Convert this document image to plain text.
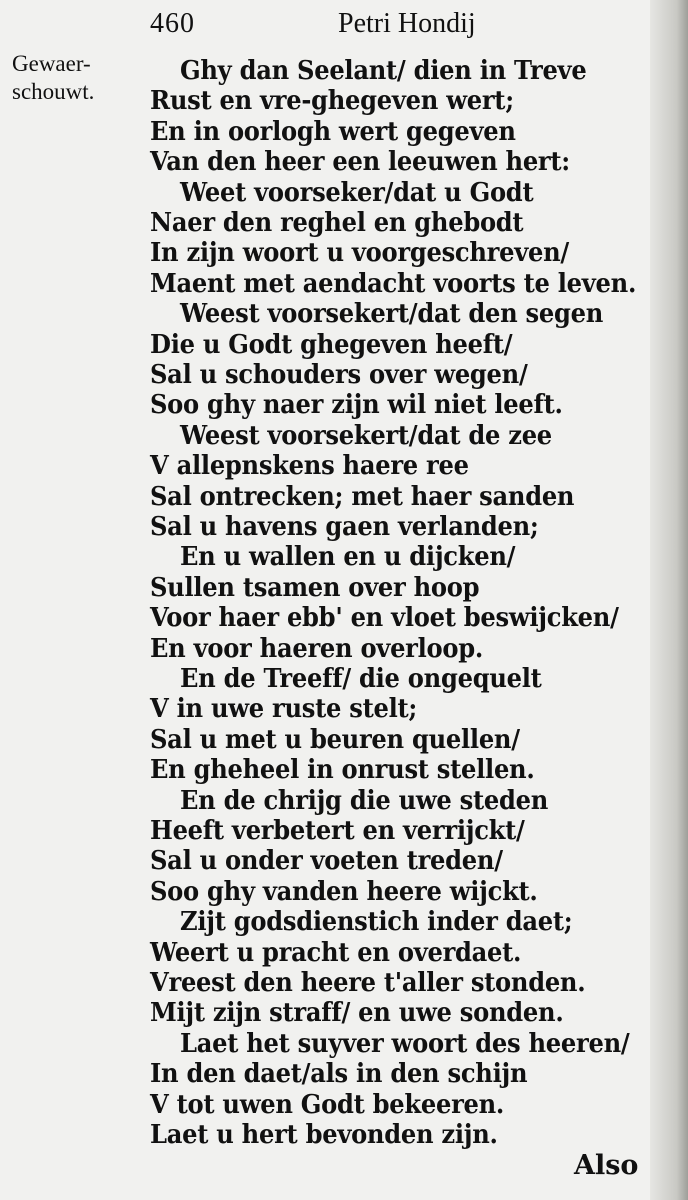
460	Petri Hondij
Gewaer-
schouwt.
Ghy dan Seelant/ dien in Treve
Rust en vre-ghegeven wert;
En in oorlogh wert gegeven
Van den heer een leeuwen hert:
Weet voorseker/dat u Godt
Naer den reghel en ghebodt
In zijn woort u voorgeschreven/
Maent met aendacht voorts te leven.
Weest voorsekert/dat den segen
Die u Godt ghegeven heeft/
Sal u schouders over wegen/
Soo ghy naer zijn wil niet leeft.
Weest voorsekert/dat de zee
V allepnskens haere ree
Sal ontrecken; met haer sanden
Sal u havens gaen verlanden;
En u wallen en u dijcken/
Sullen tsamen over hoop
Voor haer ebb' en vloet beswijcken/
En voor haeren overloop.
En de Treeff/ die ongequelt
V in uwe ruste stelt;
Sal u met u beuren quellen/
En gheheel in onrust stellen.
En de chrijg die uwe steden
Heeft verbetert en verrijckt/
Sal u onder voeten treden/
Soo ghy vanden heere wijckt.
Zijt godsdienstich inder daet;
Weert u pracht en overdaet.
Vreest den heere t'aller stonden.
Mijt zijn straff/ en uwe sonden.
Laet het suyver woort des heeren/
In den daet/als in den schijn
V tot uwen Godt bekeeren.
Laet u hert bevonden zijn.
Also
